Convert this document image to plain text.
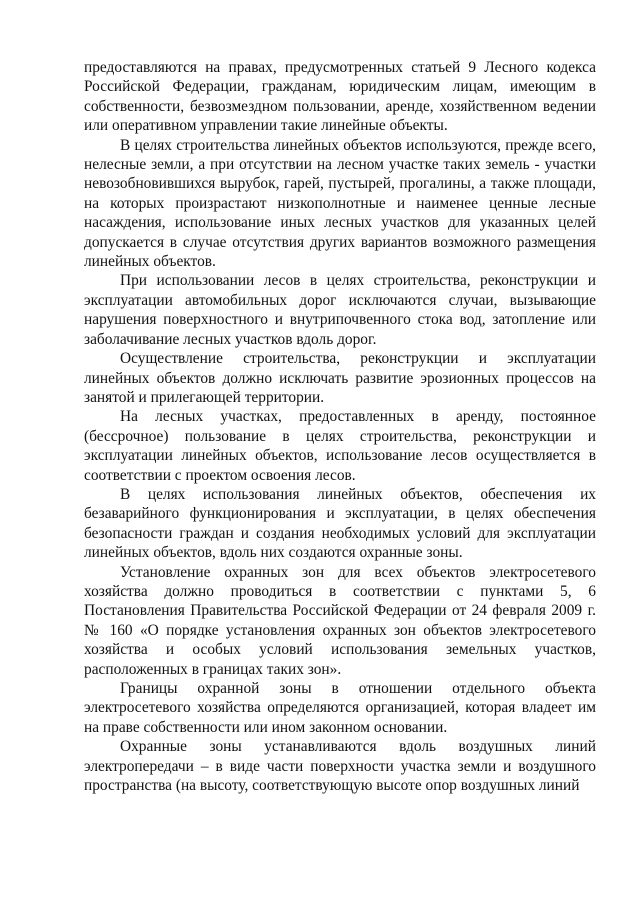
предоставляются на правах, предусмотренных статьей 9 Лесного кодекса Российской Федерации, гражданам, юридическим лицам, имеющим в собственности, безвозмездном пользовании, аренде, хозяйственном ведении или оперативном управлении такие линейные объекты.

В целях строительства линейных объектов используются, прежде всего, нелесные земли, а при отсутствии на лесном участке таких земель - участки невозобновившихся вырубок, гарей, пустырей, прогалины, а также площади, на которых произрастают низкополнотные и наименее ценные лесные насаждения, использование иных лесных участков для указанных целей допускается в случае отсутствия других вариантов возможного размещения линейных объектов.

При использовании лесов в целях строительства, реконструкции и эксплуатации автомобильных дорог исключаются случаи, вызывающие нарушения поверхностного и внутрипочвенного стока вод, затопление или заболачивание лесных участков вдоль дорог.

Осуществление строительства, реконструкции и эксплуатации линейных объектов должно исключать развитие эрозионных процессов на занятой и прилегающей территории.

На лесных участках, предоставленных в аренду, постоянное (бессрочное) пользование в целях строительства, реконструкции и эксплуатации линейных объектов, использование лесов осуществляется в соответствии с проектом освоения лесов.

В целях использования линейных объектов, обеспечения их безаварийного функционирования и эксплуатации, в целях обеспечения безопасности граждан и создания необходимых условий для эксплуатации линейных объектов, вдоль них создаются охранные зоны.

Установление охранных зон для всех объектов электросетевого хозяйства должно проводиться в соответствии с пунктами 5, 6 Постановления Правительства Российской Федерации от 24 февраля 2009 г. № 160 «О порядке установления охранных зон объектов электросетевого хозяйства и особых условий использования земельных участков, расположенных в границах таких зон».

Границы охранной зоны в отношении отдельного объекта электросетевого хозяйства определяются организацией, которая владеет им на праве собственности или ином законном основании.

Охранные зоны устанавливаются вдоль воздушных линий электропередачи – в виде части поверхности участка земли и воздушного пространства (на высоту, соответствующую высоте опор воздушных линий
